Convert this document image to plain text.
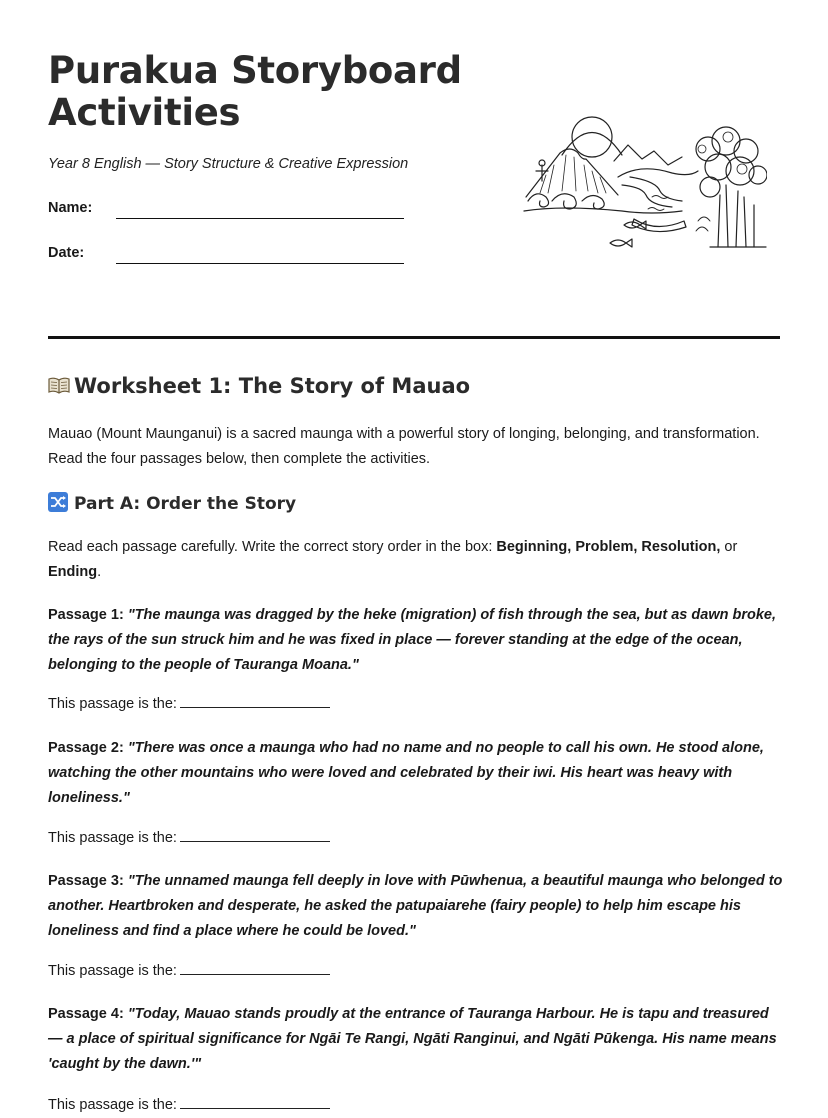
Purakua Storyboard Activities
Year 8 English — Story Structure & Creative Expression
Name:
Date:
Worksheet 1: The Story of Mauao

Mauao (Mount Maunganui) is a sacred maunga with a powerful story of longing, belonging, and transformation. Read the four passages below, then complete the activities.

Part A: Order the Story

Read each passage carefully. Write the correct story order in the box: Beginning, Problem, Resolution, or Ending.

Passage 1: "The maunga was dragged by the heke (migration) of fish through the sea, but as dawn broke, the rays of the sun struck him and he was fixed in place — forever standing at the edge of the ocean, belonging to the people of Tauranga Moana."

This passage is the:

Passage 2: "There was once a maunga who had no name and no people to call his own. He stood alone, watching the other mountains who were loved and celebrated by their iwi. His heart was heavy with loneliness."

This passage is the:

Passage 3: "The unnamed maunga fell deeply in love with Pūwhenua, a beautiful maunga who belonged to another. Heartbroken and desperate, he asked the patupaiarehe (fairy people) to help him escape his loneliness and find a place where he could be loved."

This passage is the:

Passage 4: "Today, Mauao stands proudly at the entrance of Tauranga Harbour. He is tapu and treasured — a place of spiritual significance for Ngāi Te Rangi, Ngāti Ranginui, and Ngāti Pūkenga. His name means 'caught by the dawn.'"

This passage is the:
